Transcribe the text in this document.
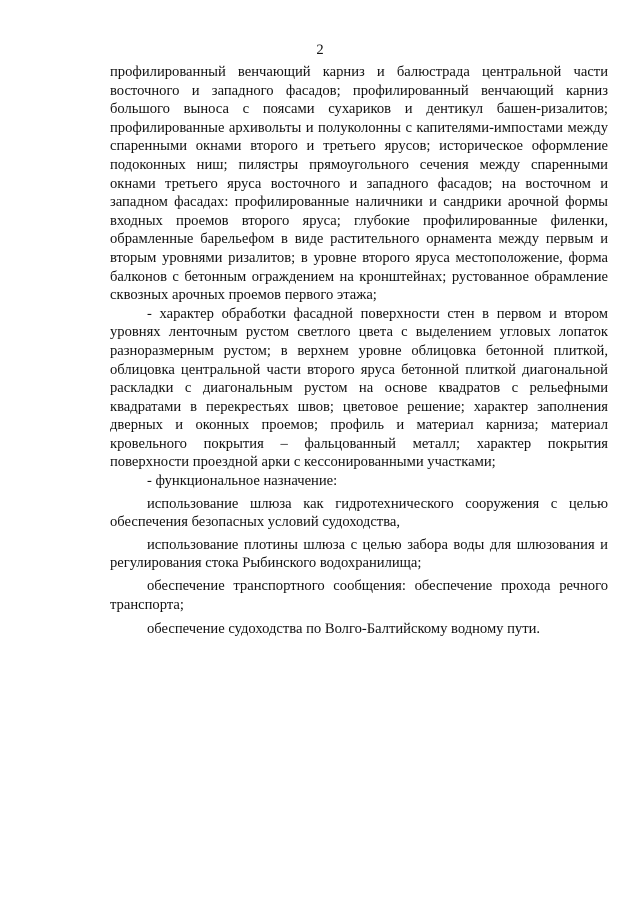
2

профилированный венчающий карниз и балюстрада центральной части восточного и западного фасадов; профилированный венчающий карниз большого выноса с поясами сухариков и дентикул башен-ризалитов; профилированные архивольты и полуколонны с капителями-импостами между спаренными окнами второго и третьего ярусов; историческое оформление подоконных ниш; пилястры прямоугольного сечения между спаренными окнами третьего яруса восточного и западного фасадов; на восточном и западном фасадах: профилированные наличники и сандрики арочной формы входных проемов второго яруса; глубокие профилированные филенки, обрамленные барельефом в виде растительного орнамента между первым и вторым уровнями ризалитов; в уровне второго яруса местоположение, форма балконов с бетонным ограждением на кронштейнах; рустованное обрамление сквозных арочных проемов первого этажа;

- характер обработки фасадной поверхности стен в первом и втором уровнях ленточным рустом светлого цвета с выделением угловых лопаток разноразмерным рустом; в верхнем уровне облицовка бетонной плиткой, облицовка центральной части второго яруса бетонной плиткой диагональной раскладки с диагональным рустом на основе квадратов с рельефными квадратами в перекрестьях швов; цветовое решение; характер заполнения дверных и оконных проемов; профиль и материал карниза; материал кровельного покрытия – фальцованный металл; характер покрытия поверхности проездной арки с кессонированными участками;

- функциональное назначение:

использование шлюза как гидротехнического сооружения с целью обеспечения безопасных условий судоходства,

использование плотины шлюза с целью забора воды для шлюзования и регулирования стока Рыбинского водохранилища;

обеспечение транспортного сообщения: обеспечение прохода речного транспорта;

обеспечение судоходства по Волго-Балтийскому водному пути.
